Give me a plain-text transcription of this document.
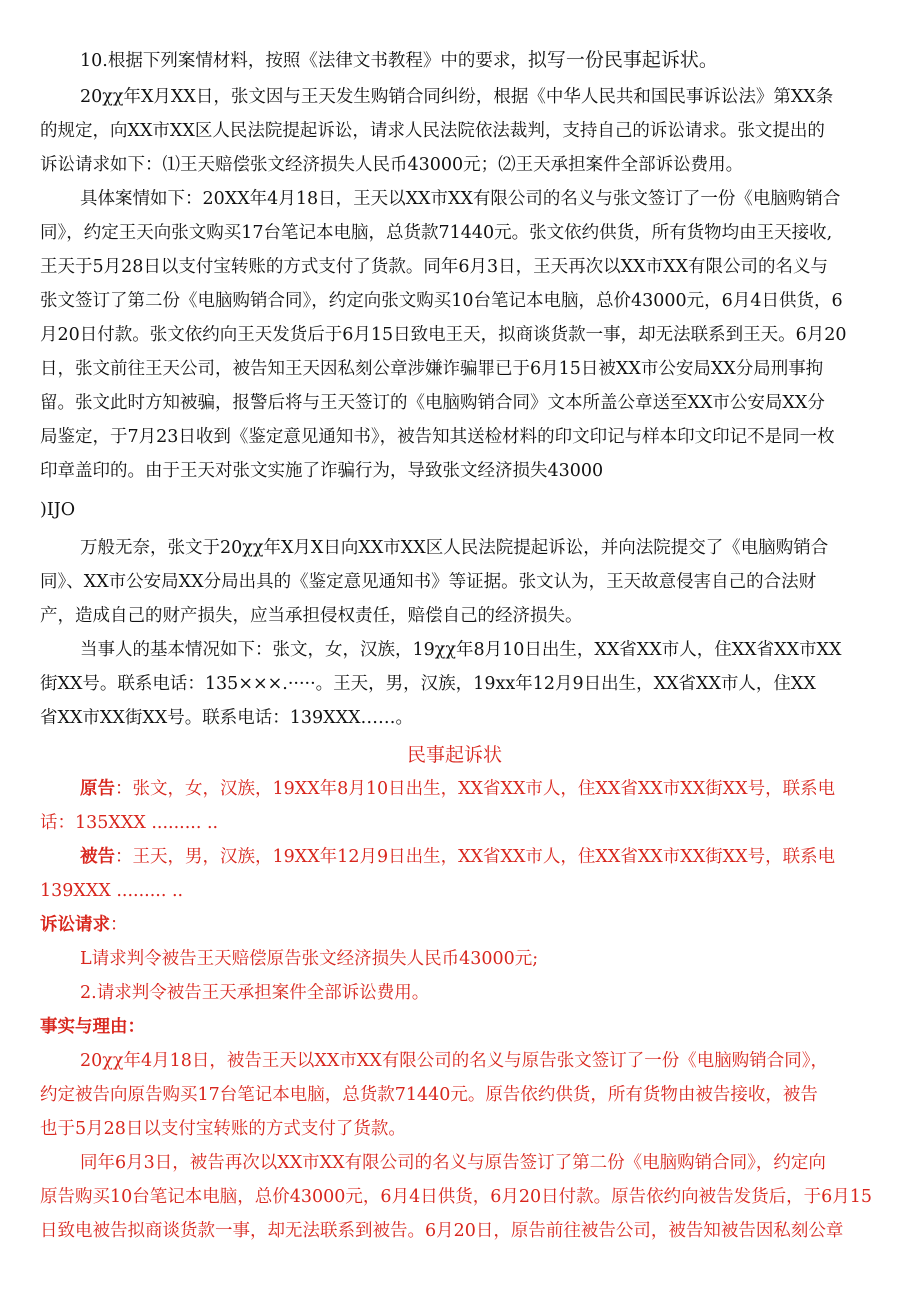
10.根据下列案情材料，按照《法律文书教程》中的要求，拟写一份民事起诉状。
20χχ年X月XX日，张文因与王天发生购销合同纠纷，根据《中华人民共和国民事诉讼法》第XX条
的规定，向XX市XX区人民法院提起诉讼，请求人民法院依法裁判，支持自己的诉讼请求。张文提出的
诉讼请求如下：⑴王天赔偿张文经济损失人民币43000元；⑵王天承担案件全部诉讼费用。
具体案情如下：20XX年4月18日，王天以XX市XX有限公司的名义与张文签订了一份《电脑购销合
同》，约定王天向张文购买17台笔记本电脑，总货款71440元。张文依约供货，所有货物均由王天接收,
王天于5月28日以支付宝转账的方式支付了货款。同年6月3日，王天再次以XX市XX有限公司的名义与
张文签订了第二份《电脑购销合同》，约定向张文购买10台笔记本电脑，总价43000元，6月4日供货，6
月20日付款。张文依约向王天发货后于6月15日致电王天，拟商谈货款一事，却无法联系到王天。6月20
日，张文前往王天公司，被告知王天因私刻公章涉嫌诈骗罪已于6月15日被XX市公安局XX分局刑事拘
留。张文此时方知被骗，报警后将与王天签订的《电脑购销合同》文本所盖公章送至XX市公安局XX分
局鉴定，于7月23日收到《鉴定意见通知书》，被告知其送检材料的印文印记与样本印文印记不是同一枚
印章盖印的。由于王天对张文实施了诈骗行为，导致张文经济损失43000
)IJO
万般无奈，张文于20χχ年X月X日向XX市XX区人民法院提起诉讼，并向法院提交了《电脑购销合
同》、XX市公安局XX分局出具的《鉴定意见通知书》等证据。张文认为，王天故意侵害自己的合法财
产，造成自己的财产损失，应当承担侵权责任，赔偿自己的经济损失。
当事人的基本情况如下：张文，女，汉族，19χχ年8月10日出生，XX省XX市人，住XX省XX市XX
街XX号。联系电话：135×××.·····。王天，男，汉族，19xx年12月9日出生，XX省XX市人，住XX
省XX市XX街XX号。联系电话：139XXX……。
民事起诉状
原告：张文，女，汉族，19XX年8月10日出生，XX省XX市人，住XX省XX市XX街XX号，联系电
话：135XXX ......... ..
被告：王天，男，汉族，19XX年12月9日出生，XX省XX市人，住XX省XX市XX街XX号，联系电
139XXX ......... ..
诉讼请求：
L请求判令被告王天赔偿原告张文经济损失人民币43000元;
2.请求判令被告王天承担案件全部诉讼费用。
事实与理由：
20χχ年4月18日，被告王天以XX市XX有限公司的名义与原告张文签订了一份《电脑购销合同》，
约定被告向原告购买17台笔记本电脑，总货款71440元。原告依约供货，所有货物由被告接收，被告
也于5月28日以支付宝转账的方式支付了货款。
同年6月3日，被告再次以XX市XX有限公司的名义与原告签订了第二份《电脑购销合同》，约定向
原告购买10台笔记本电脑，总价43000元，6月4日供货，6月20日付款。原告依约向被告发货后，于6月15
日致电被告拟商谈货款一事，却无法联系到被告。6月20日，原告前往被告公司，被告知被告因私刻公章
